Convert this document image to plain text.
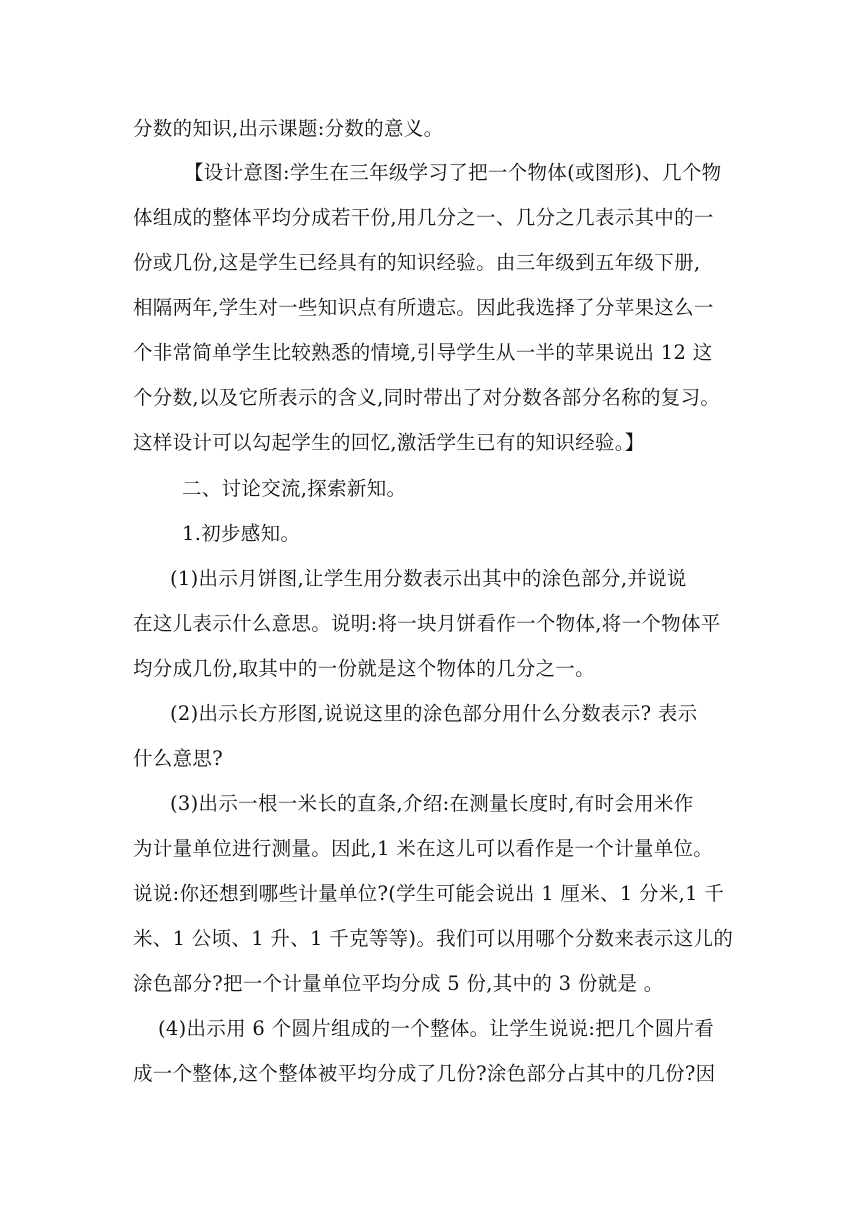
分数的知识,出示课题:分数的意义。
【设计意图:学生在三年级学习了把一个物体(或图形)、几个物
体组成的整体平均分成若干份,用几分之一、几分之几表示其中的一
份或几份,这是学生已经具有的知识经验。由三年级到五年级下册,
相隔两年,学生对一些知识点有所遗忘。因此我选择了分苹果这么一
个非常简单学生比较熟悉的情境,引导学生从一半的苹果说出 12 这
个分数,以及它所表示的含义,同时带出了对分数各部分名称的复习。
这样设计可以勾起学生的回忆,激活学生已有的知识经验。】
二、讨论交流,探索新知。
1.初步感知。
(1)出示月饼图,让学生用分数表示出其中的涂色部分,并说说
在这儿表示什么意思。说明:将一块月饼看作一个物体,将一个物体平
均分成几份,取其中的一份就是这个物体的几分之一。
(2)出示长方形图,说说这里的涂色部分用什么分数表示? 表示
什么意思?
(3)出示一根一米长的直条,介绍:在测量长度时,有时会用米作
为计量单位进行测量。因此,1 米在这儿可以看作是一个计量单位。
说说:你还想到哪些计量单位?(学生可能会说出 1 厘米、1 分米,1 千
米、1 公顷、1 升、1 千克等等)。我们可以用哪个分数来表示这儿的
涂色部分?把一个计量单位平均分成 5 份,其中的 3 份就是 。
(4)出示用 6 个圆片组成的一个整体。让学生说说:把几个圆片看
成一个整体,这个整体被平均分成了几份?涂色部分占其中的几份?因
